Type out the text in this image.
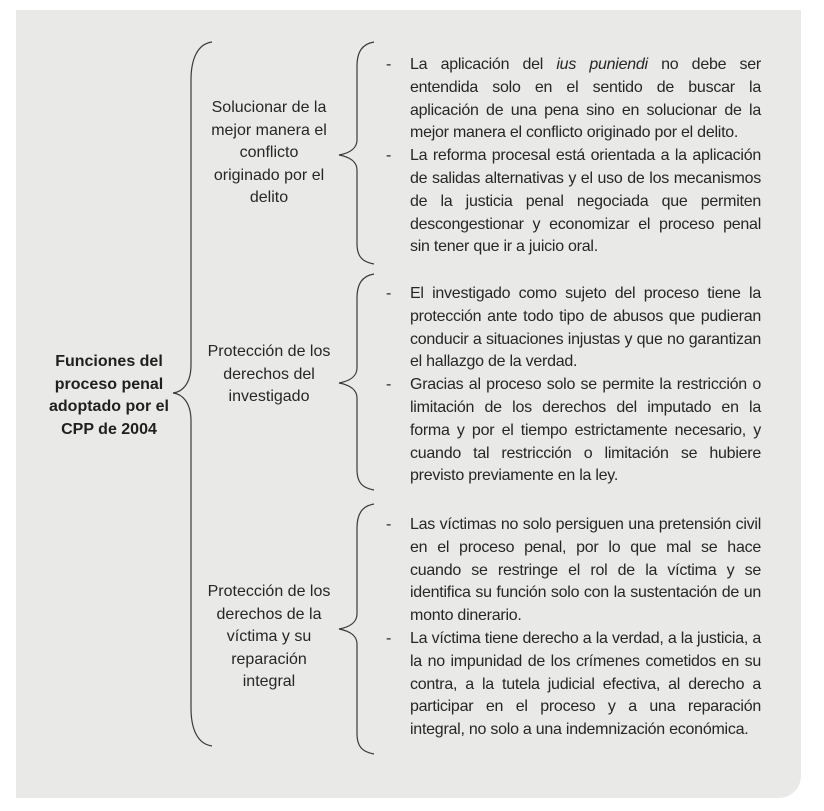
Funciones del proceso penal adoptado por el CPP de 2004
Solucionar de la mejor manera el conflicto originado por el delito
Protección de los derechos del investigado
Protección de los derechos de la víctima y su reparación integral
- La aplicación del ius puniendi no debe ser entendida solo en el sentido de buscar la aplicación de una pena sino en solucionar de la mejor manera el conflicto originado por el delito.
- La reforma procesal está orientada a la aplicación de salidas alternativas y el uso de los mecanismos de la justicia penal negociada que permiten descongestionar y economizar el proceso penal sin tener que ir a juicio oral.
- El investigado como sujeto del proceso tiene la protección ante todo tipo de abusos que pudieran conducir a situaciones injustas y que no garantizan el hallazgo de la verdad.
- Gracias al proceso solo se permite la restricción o limitación de los derechos del imputado en la forma y por el tiempo estrictamente necesario, y cuando tal restricción o limitación se hubiere previsto previamente en la ley.
- Las víctimas no solo persiguen una pretensión civil en el proceso penal, por lo que mal se hace cuando se restringe el rol de la víctima y se identifica su función solo con la sustentación de un monto dinerario.
- La víctima tiene derecho a la verdad, a la justicia, a la no impunidad de los crímenes cometidos en su contra, a la tutela judicial efectiva, al derecho a participar en el proceso y a una reparación integral, no solo a una indemnización económica.
